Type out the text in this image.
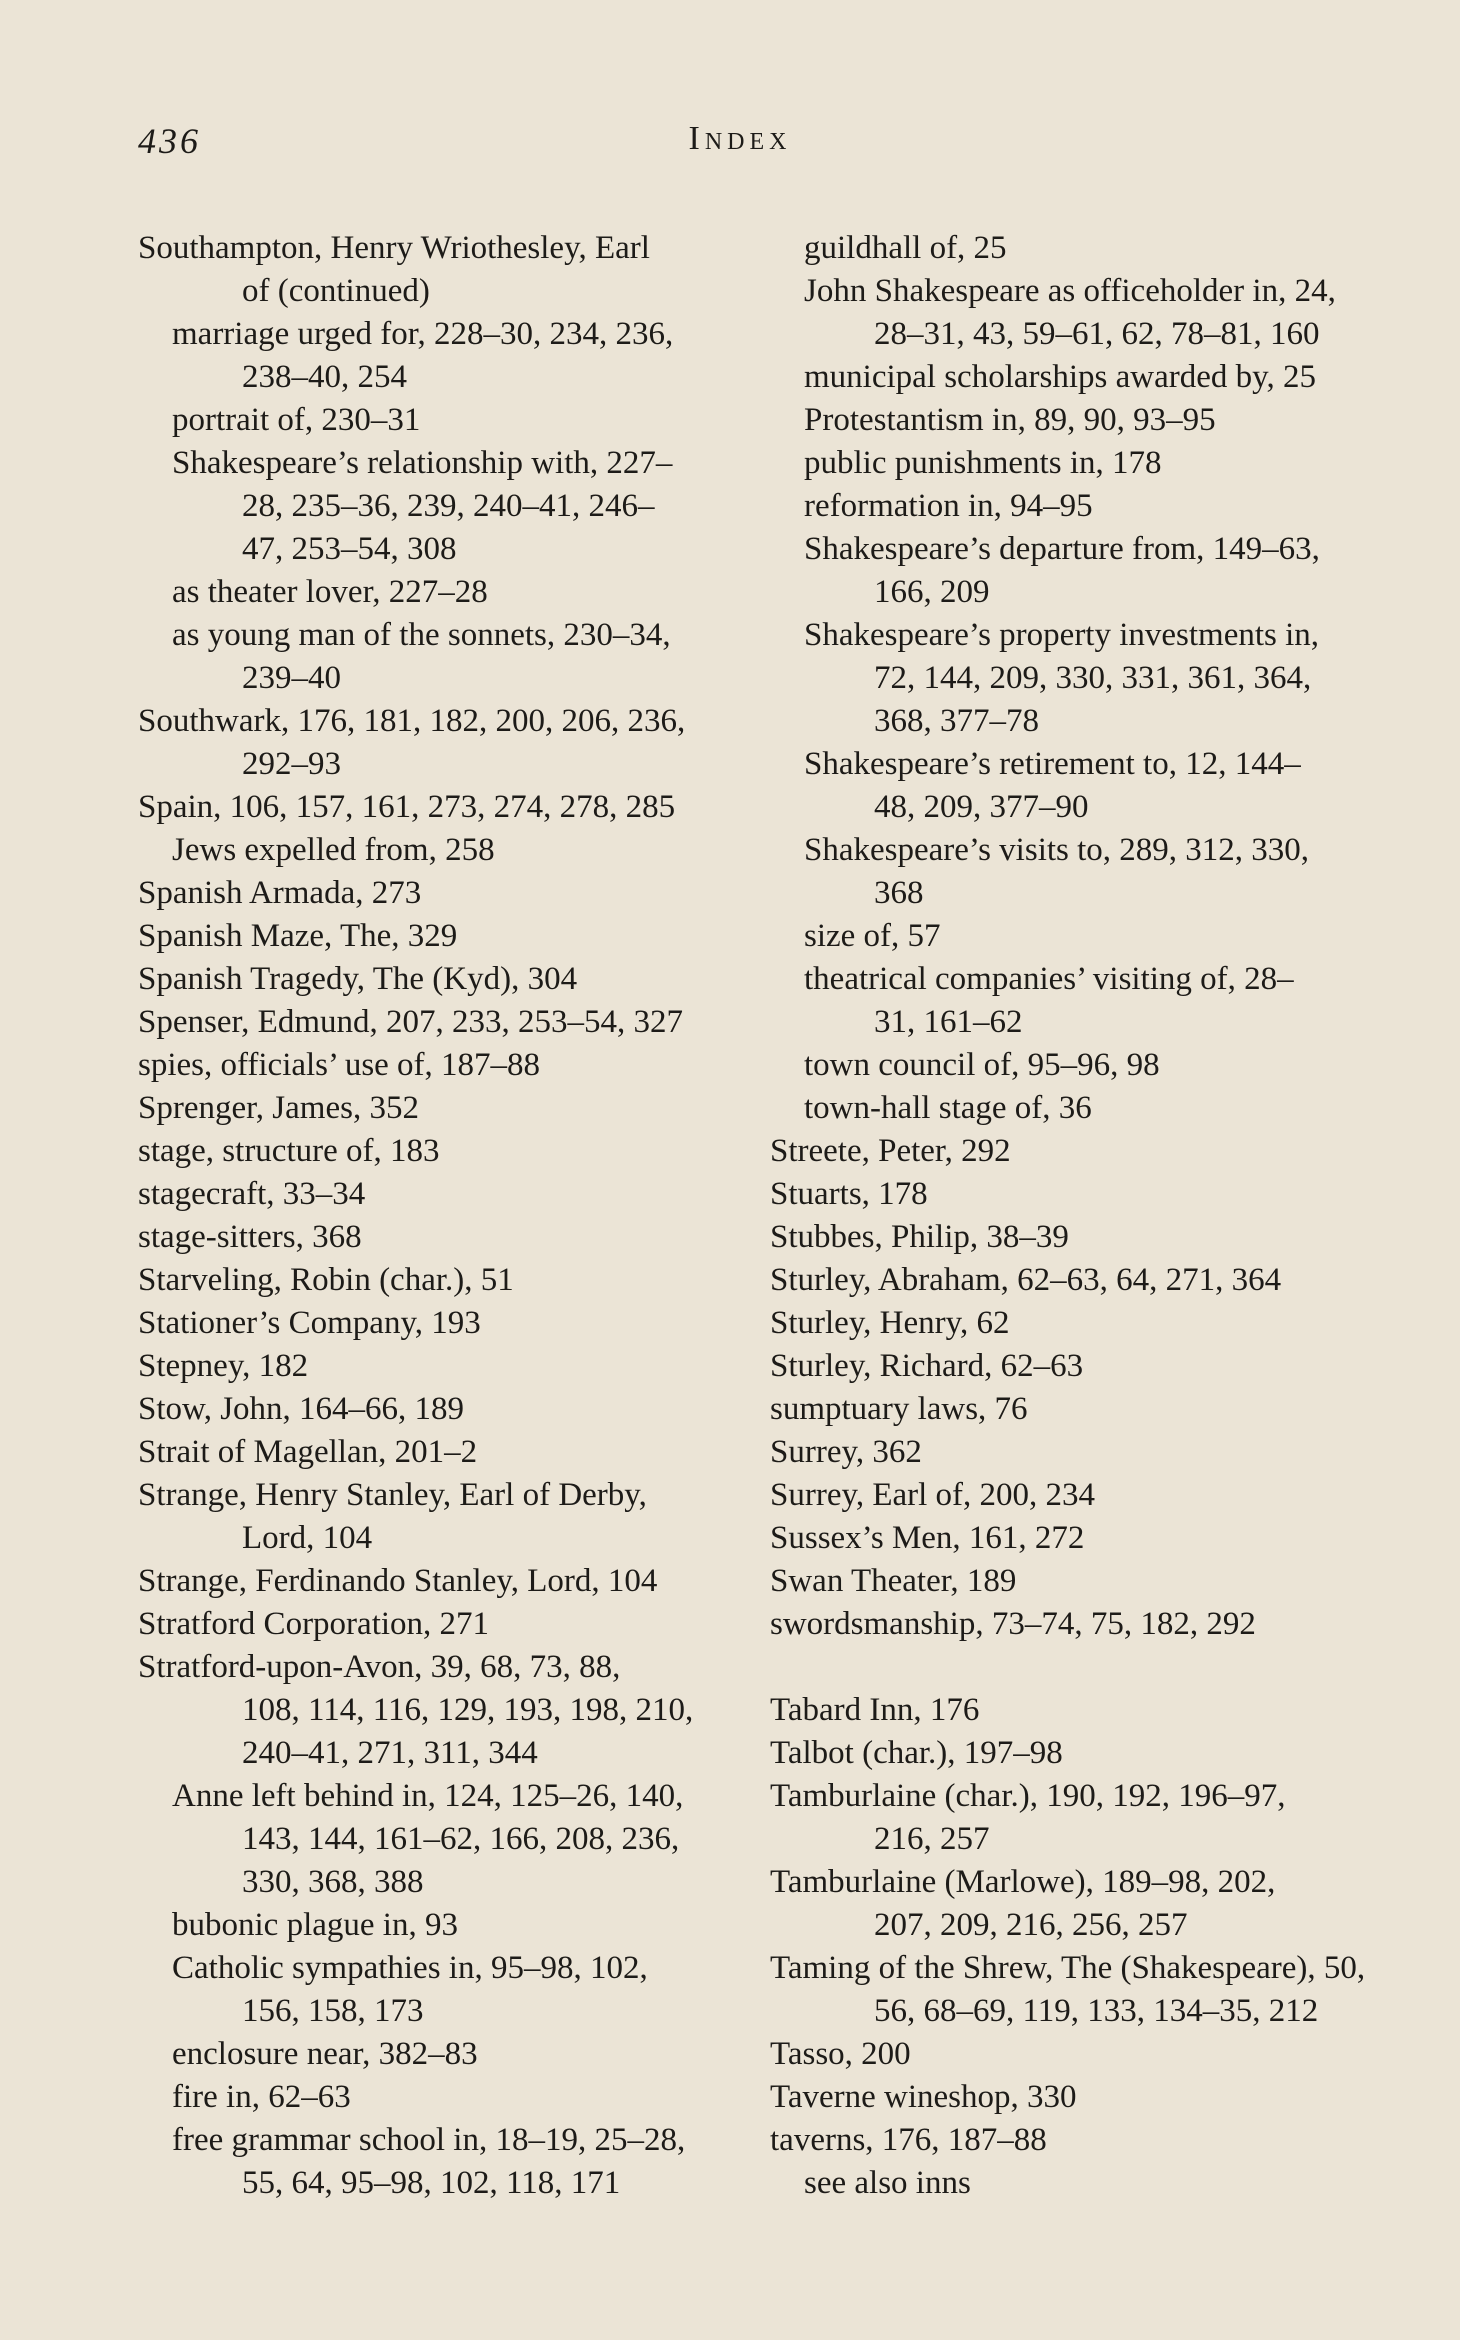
436	Index
Southampton, Henry Wriothesley, Earl
of (continued)
marriage urged for, 228–30, 234, 236,
238–40, 254
portrait of, 230–31
Shakespeare’s relationship with, 227–
28, 235–36, 239, 240–41, 246–
47, 253–54, 308
as theater lover, 227–28
as young man of the sonnets, 230–34,
239–40
Southwark, 176, 181, 182, 200, 206, 236,
292–93
Spain, 106, 157, 161, 273, 274, 278, 285
Jews expelled from, 258
Spanish Armada, 273
Spanish Maze, The, 329
Spanish Tragedy, The (Kyd), 304
Spenser, Edmund, 207, 233, 253–54, 327
spies, officials’ use of, 187–88
Sprenger, James, 352
stage, structure of, 183
stagecraft, 33–34
stage-sitters, 368
Starveling, Robin (char.), 51
Stationer’s Company, 193
Stepney, 182
Stow, John, 164–66, 189
Strait of Magellan, 201–2
Strange, Henry Stanley, Earl of Derby,
Lord, 104
Strange, Ferdinando Stanley, Lord, 104
Stratford Corporation, 271
Stratford-upon-Avon, 39, 68, 73, 88,
108, 114, 116, 129, 193, 198, 210,
240–41, 271, 311, 344
Anne left behind in, 124, 125–26, 140,
143, 144, 161–62, 166, 208, 236,
330, 368, 388
bubonic plague in, 93
Catholic sympathies in, 95–98, 102,
156, 158, 173
enclosure near, 382–83
fire in, 62–63
free grammar school in, 18–19, 25–28,
55, 64, 95–98, 102, 118, 171
guildhall of, 25
John Shakespeare as officeholder in, 24,
28–31, 43, 59–61, 62, 78–81, 160
municipal scholarships awarded by, 25
Protestantism in, 89, 90, 93–95
public punishments in, 178
reformation in, 94–95
Shakespeare’s departure from, 149–63,
166, 209
Shakespeare’s property investments in,
72, 144, 209, 330, 331, 361, 364,
368, 377–78
Shakespeare’s retirement to, 12, 144–
48, 209, 377–90
Shakespeare’s visits to, 289, 312, 330,
368
size of, 57
theatrical companies’ visiting of, 28–
31, 161–62
town council of, 95–96, 98
town-hall stage of, 36
Streete, Peter, 292
Stuarts, 178
Stubbes, Philip, 38–39
Sturley, Abraham, 62–63, 64, 271, 364
Sturley, Henry, 62
Sturley, Richard, 62–63
sumptuary laws, 76
Surrey, 362
Surrey, Earl of, 200, 234
Sussex’s Men, 161, 272
Swan Theater, 189
swordsmanship, 73–74, 75, 182, 292
Tabard Inn, 176
Talbot (char.), 197–98
Tamburlaine (char.), 190, 192, 196–97,
216, 257
Tamburlaine (Marlowe), 189–98, 202,
207, 209, 216, 256, 257
Taming of the Shrew, The (Shakespeare), 50,
56, 68–69, 119, 133, 134–35, 212
Tasso, 200
Taverne wineshop, 330
taverns, 176, 187–88
see also inns
